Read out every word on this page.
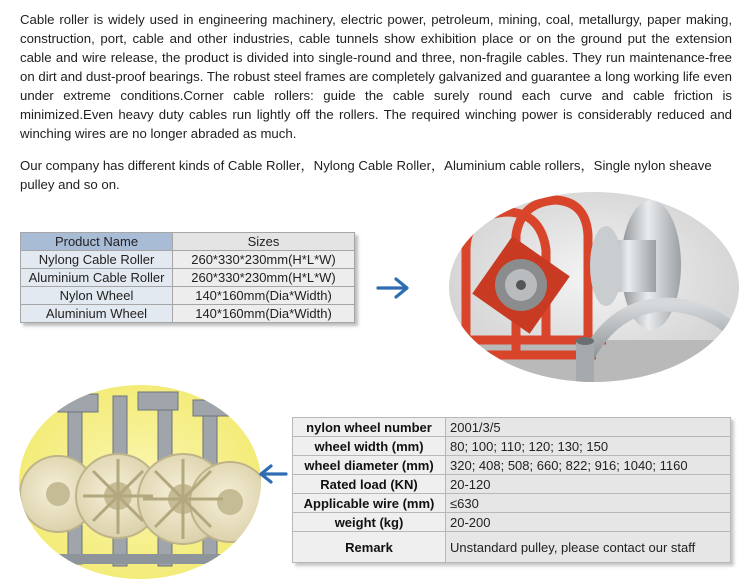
Cable roller is widely used in engineering machinery, electric power, petroleum, mining, coal, metallurgy, paper making, construction, port, cable and other industries, cable tunnels show exhibition place or on the ground put the extension cable and wire release, the product is divided into single-round and three, non-fragile cables. They run maintenance-free on dirt and dust-proof bearings. The robust steel frames are completely galvanized and guarantee a long working life even under extreme conditions.Corner cable rollers: guide the cable surely round each curve and cable friction is minimized.Even heavy duty cables run lightly off the rollers. The required winching power is considerably reduced and winching wires are no longer abraded as much.

Our company has different kinds of Cable Roller，Nylong Cable Roller，Aluminium cable rollers，Single nylon sheave pulley and so on.

Product Name	Sizes
Nylong Cable Roller	260*330*230mm(H*L*W)
Aluminium Cable Roller	260*330*230mm(H*L*W)
Nylon Wheel	140*160mm(Dia*Width)
Aluminium Wheel	140*160mm(Dia*Width)
nylon wheel number	2001/3/5
wheel width (mm)	80; 100; 110; 120; 130; 150
wheel diameter (mm)	320; 408; 508; 660; 822; 916; 1040; 1160
Rated load (KN)	20-120
Applicable wire (mm)	≤630
weight (kg)	20-200
Remark	Unstandard pulley, please contact our staff
